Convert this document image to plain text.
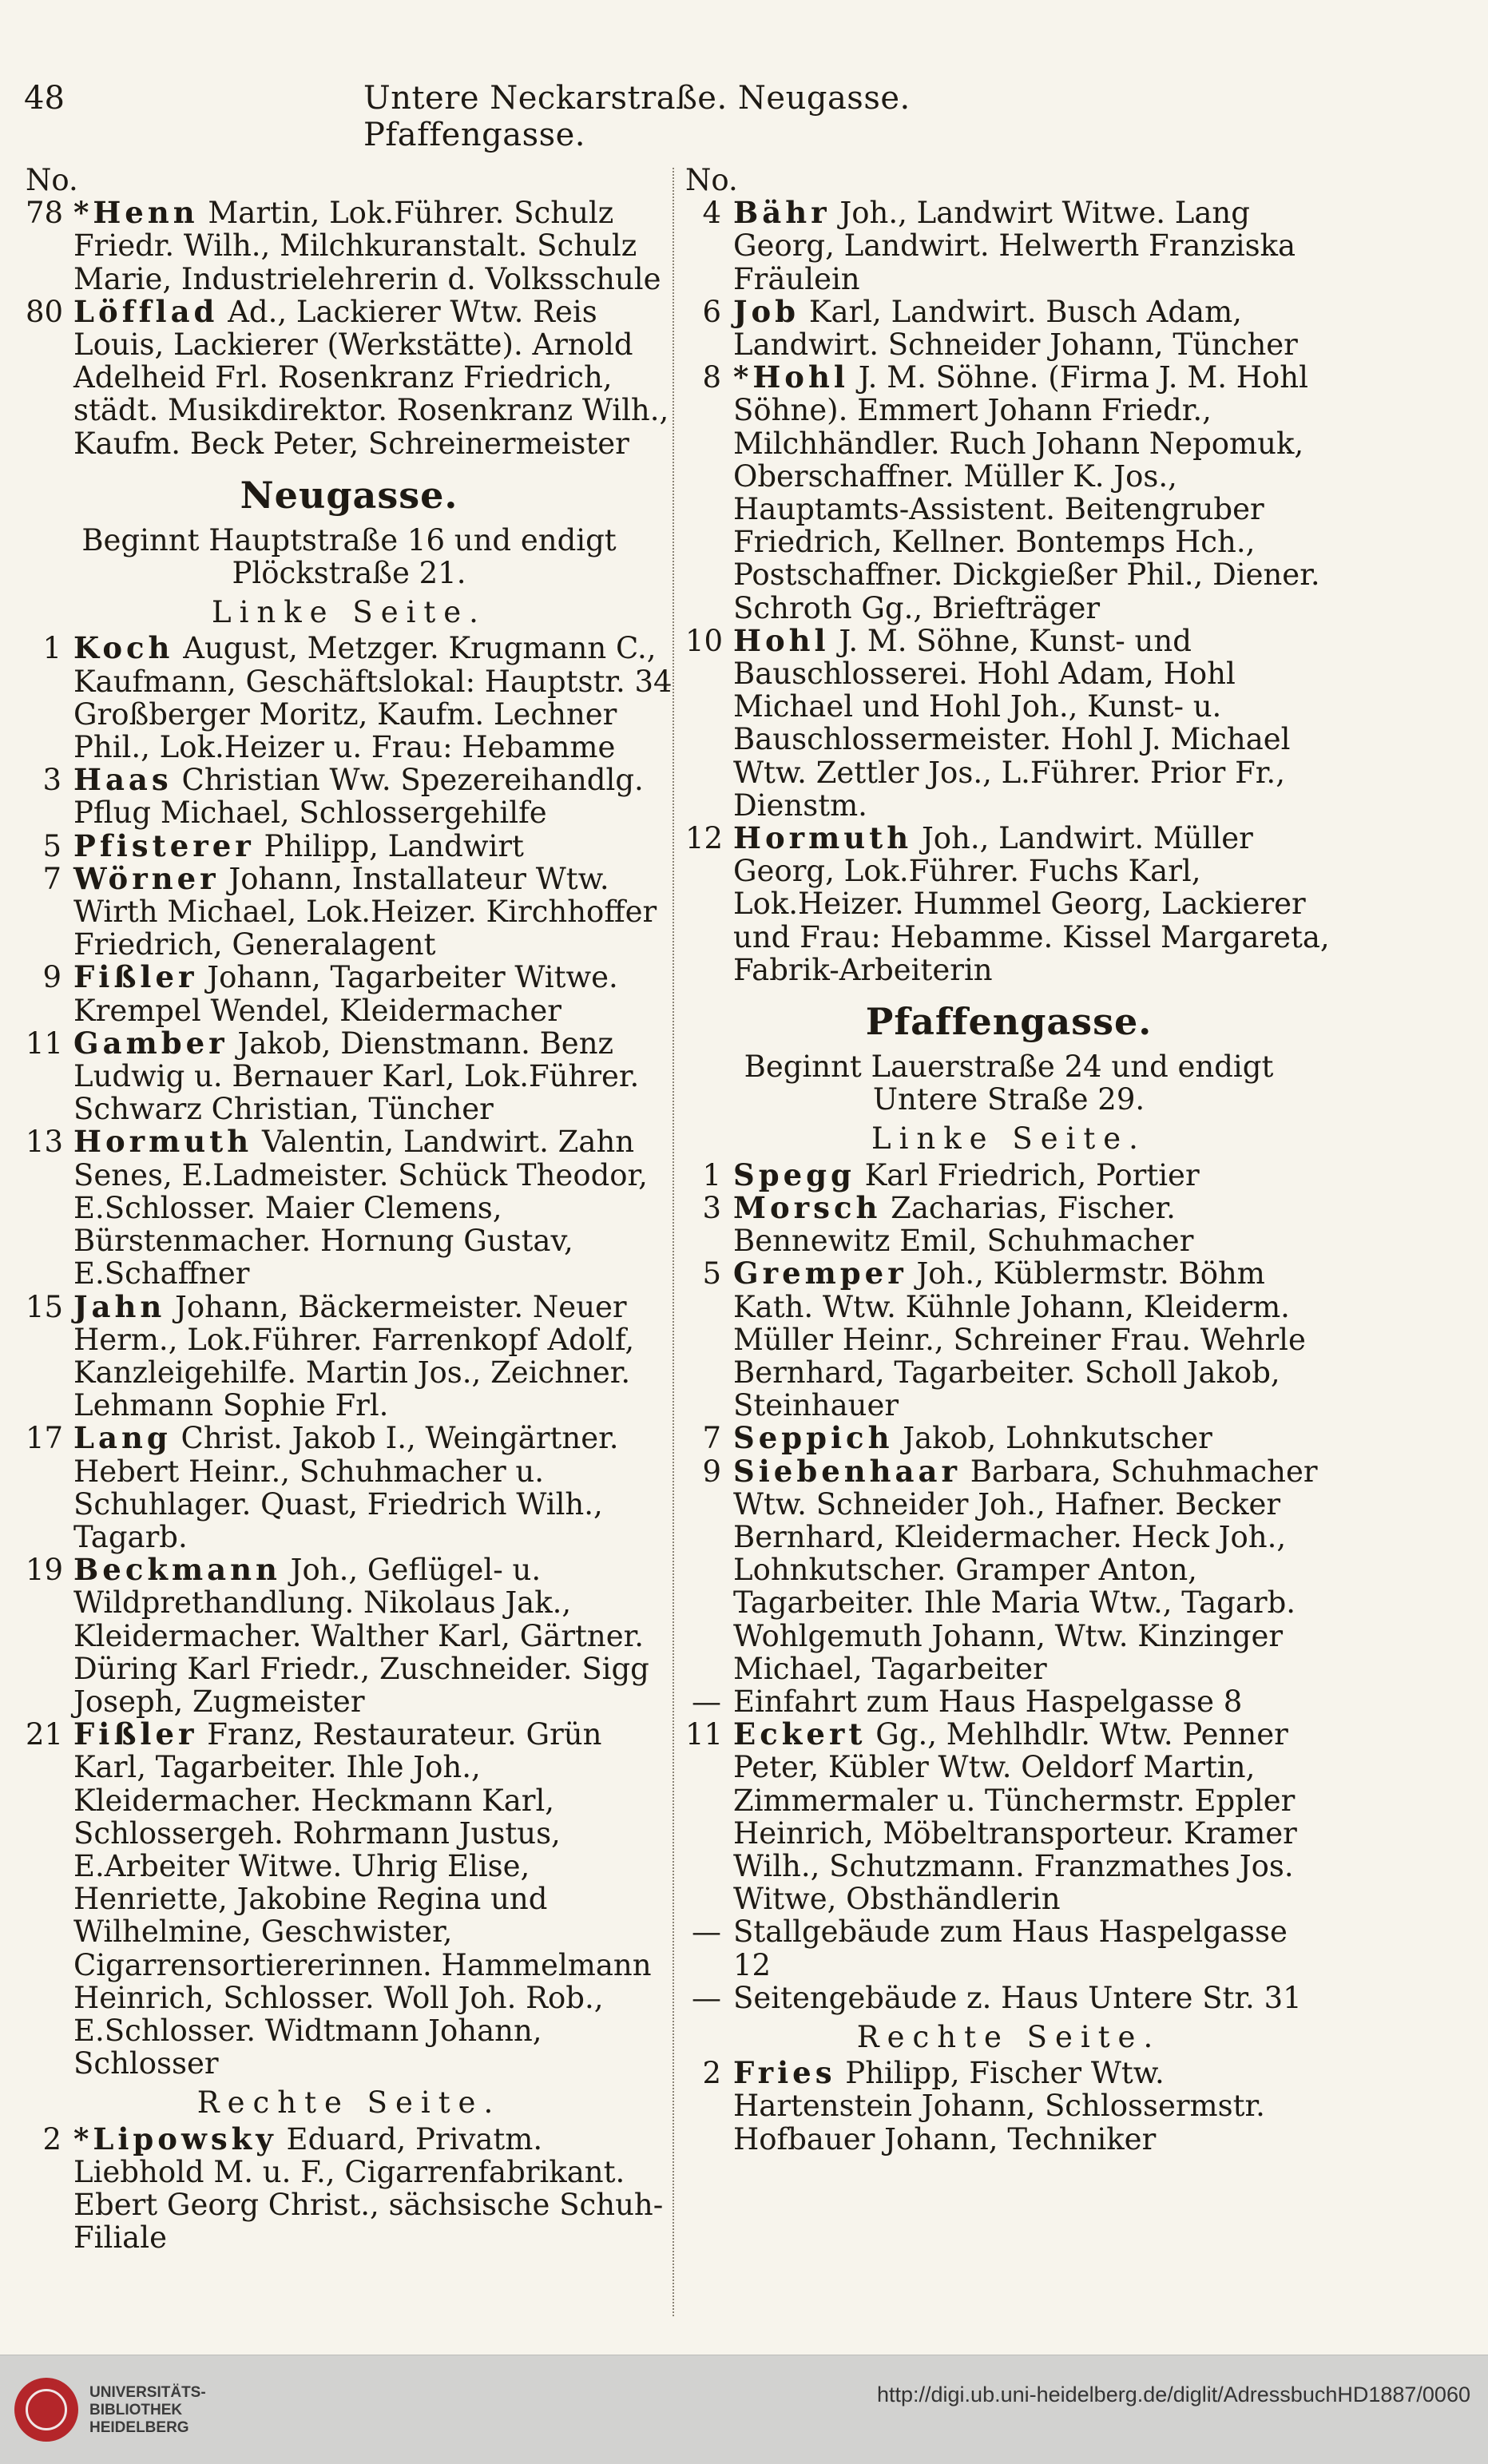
48	Untere Neckarstraße. Neugasse. Pfaffengasse.

No.

78 *Henn Martin, Lok.Führer. Schulz Friedr. Wilh., Milchkuranstalt. Schulz Marie, Industrielehrerin d. Volksschule

80 Löfflad Ad., Lackierer Wtw. Reis Louis, Lackierer (Werkstätte). Arnold Adelheid Frl. Rosenkranz Friedrich, städt. Musikdirektor. Rosenkranz Wilh., Kaufm. Beck Peter, Schreinermeister

Neugasse.

Beginnt Hauptstraße 16 und endigt Plöckstraße 21.

Linke Seite.

1 Koch August, Metzger. Krugmann C., Kaufmann, Geschäftslokal: Hauptstr. 34 Großberger Moritz, Kaufm. Lechner Phil., Lok.Heizer u. Frau: Hebamme

3 Haas Christian Ww. Spezereihandlg. Pflug Michael, Schlossergehilfe

5 Pfisterer Philipp, Landwirt

7 Wörner Johann, Installateur Wtw. Wirth Michael, Lok.Heizer. Kirchhoffer Friedrich, Generalagent

9 Fißler Johann, Tagarbeiter Witwe. Krempel Wendel, Kleidermacher

11 Gamber Jakob, Dienstmann. Benz Ludwig u. Bernauer Karl, Lok.Führer. Schwarz Christian, Tüncher

13 Hormuth Valentin, Landwirt. Zahn Senes, E.Ladmeister. Schück Theodor, E.Schlosser. Maier Clemens, Bürstenmacher. Hornung Gustav, E.Schaffner

15 Jahn Johann, Bäckermeister. Neuer Herm., Lok.Führer. Farrenkopf Adolf, Kanzleigehilfe. Martin Jos., Zeichner. Lehmann Sophie Frl.

17 Lang Christ. Jakob I., Weingärtner. Hebert Heinr., Schuhmacher u. Schuhlager. Quast, Friedrich Wilh., Tagarb.

19 Beckmann Joh., Geflügel- u. Wildprethandlung. Nikolaus Jak., Kleidermacher. Walther Karl, Gärtner. Düring Karl Friedr., Zuschneider. Sigg Joseph, Zugmeister

21 Fißler Franz, Restaurateur. Grün Karl, Tagarbeiter. Ihle Joh., Kleidermacher. Heckmann Karl, Schlossergeh. Rohrmann Justus, E.Arbeiter Witwe. Uhrig Elise, Henriette, Jakobine Regina und Wilhelmine, Geschwister, Cigarrensortiererinnen. Hammelmann Heinrich, Schlosser. Woll Joh. Rob., E.Schlosser. Widtmann Johann, Schlosser

Rechte Seite.

2 *Lipowsky Eduard, Privatm. Liebhold M. u. F., Cigarrenfabrikant. Ebert Georg Christ., sächsische Schuh-Filiale

No.

4 Bähr Joh., Landwirt Witwe. Lang Georg, Landwirt. Helwerth Franziska Fräulein

6 Job Karl, Landwirt. Busch Adam, Landwirt. Schneider Johann, Tüncher

8 *Hohl J. M. Söhne. (Firma J. M. Hohl Söhne). Emmert Johann Friedr., Milchhändler. Ruch Johann Nepomuk, Oberschaffner. Müller K. Jos., Hauptamts-Assistent. Beitengruber Friedrich, Kellner. Bontemps Hch., Postschaffner. Dickgießer Phil., Diener. Schroth Gg., Briefträger

10 Hohl J. M. Söhne, Kunst- und Bauschlosserei. Hohl Adam, Hohl Michael und Hohl Joh., Kunst- u. Bauschlossermeister. Hohl J. Michael Wtw. Zettler Jos., L.Führer. Prior Fr., Dienstm.

12 Hormuth Joh., Landwirt. Müller Georg, Lok.Führer. Fuchs Karl, Lok.Heizer. Hummel Georg, Lackierer und Frau: Hebamme. Kissel Margareta, Fabrik-Arbeiterin

Pfaffengasse.

Beginnt Lauerstraße 24 und endigt Untere Straße 29.

Linke Seite.

1 Spegg Karl Friedrich, Portier

3 Morsch Zacharias, Fischer. Bennewitz Emil, Schuhmacher

5 Gremper Joh., Küblermstr. Böhm Kath. Wtw. Kühnle Johann, Kleiderm. Müller Heinr., Schreiner Frau. Wehrle Bernhard, Tagarbeiter. Scholl Jakob, Steinhauer

7 Seppich Jakob, Lohnkutscher

9 Siebenhaar Barbara, Schuhmacher Wtw. Schneider Joh., Hafner. Becker Bernhard, Kleidermacher. Heck Joh., Lohnkutscher. Gramper Anton, Tagarbeiter. Ihle Maria Wtw., Tagarb. Wohlgemuth Johann, Wtw. Kinzinger Michael, Tagarbeiter

— Einfahrt zum Haus Haspelgasse 8

11 Eckert Gg., Mehlhdlr. Wtw. Penner Peter, Kübler Wtw. Oeldorf Martin, Zimmermaler u. Tünchermstr. Eppler Heinrich, Möbeltransporteur. Kramer Wilh., Schutzmann. Franzmathes Jos. Witwe, Obsthändlerin

— Stallgebäude zum Haus Haspelgasse 12

— Seitengebäude z. Haus Untere Str. 31

Rechte Seite.

2 Fries Philipp, Fischer Wtw. Hartenstein Johann, Schlossermstr. Hofbauer Johann, Techniker

UNIVERSITÄTS-
BIBLIOTHEK
HEIDELBERG
http://digi.ub.uni-heidelberg.de/diglit/AdressbuchHD1887/0060
